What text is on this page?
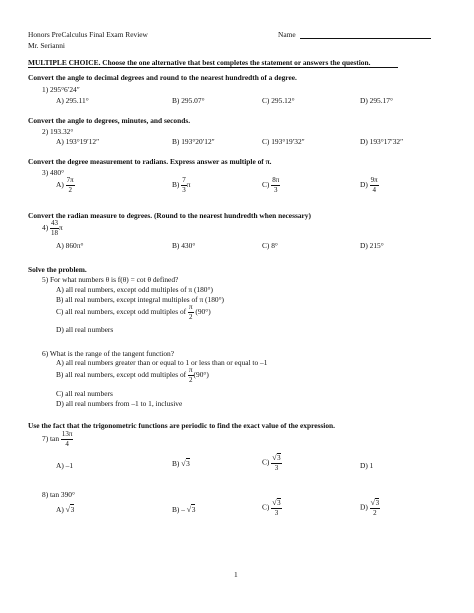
Honors PreCalculus Final Exam Review
Mr. Serianni
Name
MULTIPLE CHOICE. Choose the one alternative that best completes the statement or answers the question.
Convert the angle to decimal degrees and round to the nearest hundredth of a degree.
1) 295°6′24″
A) 295.11°	B) 295.07°	C) 295.12°	D) 295.17°
Convert the angle to degrees, minutes, and seconds.
2) 193.32°
A) 193°19′12″	B) 193°20′12″	C) 193°19′32″	D) 193°17′32″
Convert the degree measurement to radians. Express answer as multiple of π.
3) 480°
$A) \frac{7\pi}{2}$	$B) \frac{7}{3}$ π	$C) \frac{8\pi}{3}$	$D) \frac{9\pi}{4}$
Convert the radian measure to degrees. (Round to the nearest hundredth when necessary)
$4) \frac{43}{18}$ π
A) 860π°	B) 430°	C) 8°	D) 215°
Solve the problem.
5) For what numbers θ is f(θ) = cot θ defined?
A) all real numbers, except odd multiples of π (180°)
B) all real numbers, except integral multiples of π (180°)
C) all real numbers, except odd multiples of $\frac{\pi}{2} (90^\circ)$
D) all real numbers
6) What is the range of the tangent function?
A) all real numbers greater than or equal to 1 or less than or equal to –1
B) all real numbers, except odd multiples of $\frac{\pi}{2} (90^\circ)$
C) all real numbers
D) all real numbers from –1 to 1, inclusive
Use the fact that the trigonometric functions are periodic to find the exact value of the expression.
7) $\tan \frac{13\pi}{4}$
A) –1	B) √3	$C) \frac{√3}{3}$	D) 1
8) tan 390°
A) √3	B) – √3	$C) \frac{√3}{3}$	$D) \frac{√3}{2}$
1
